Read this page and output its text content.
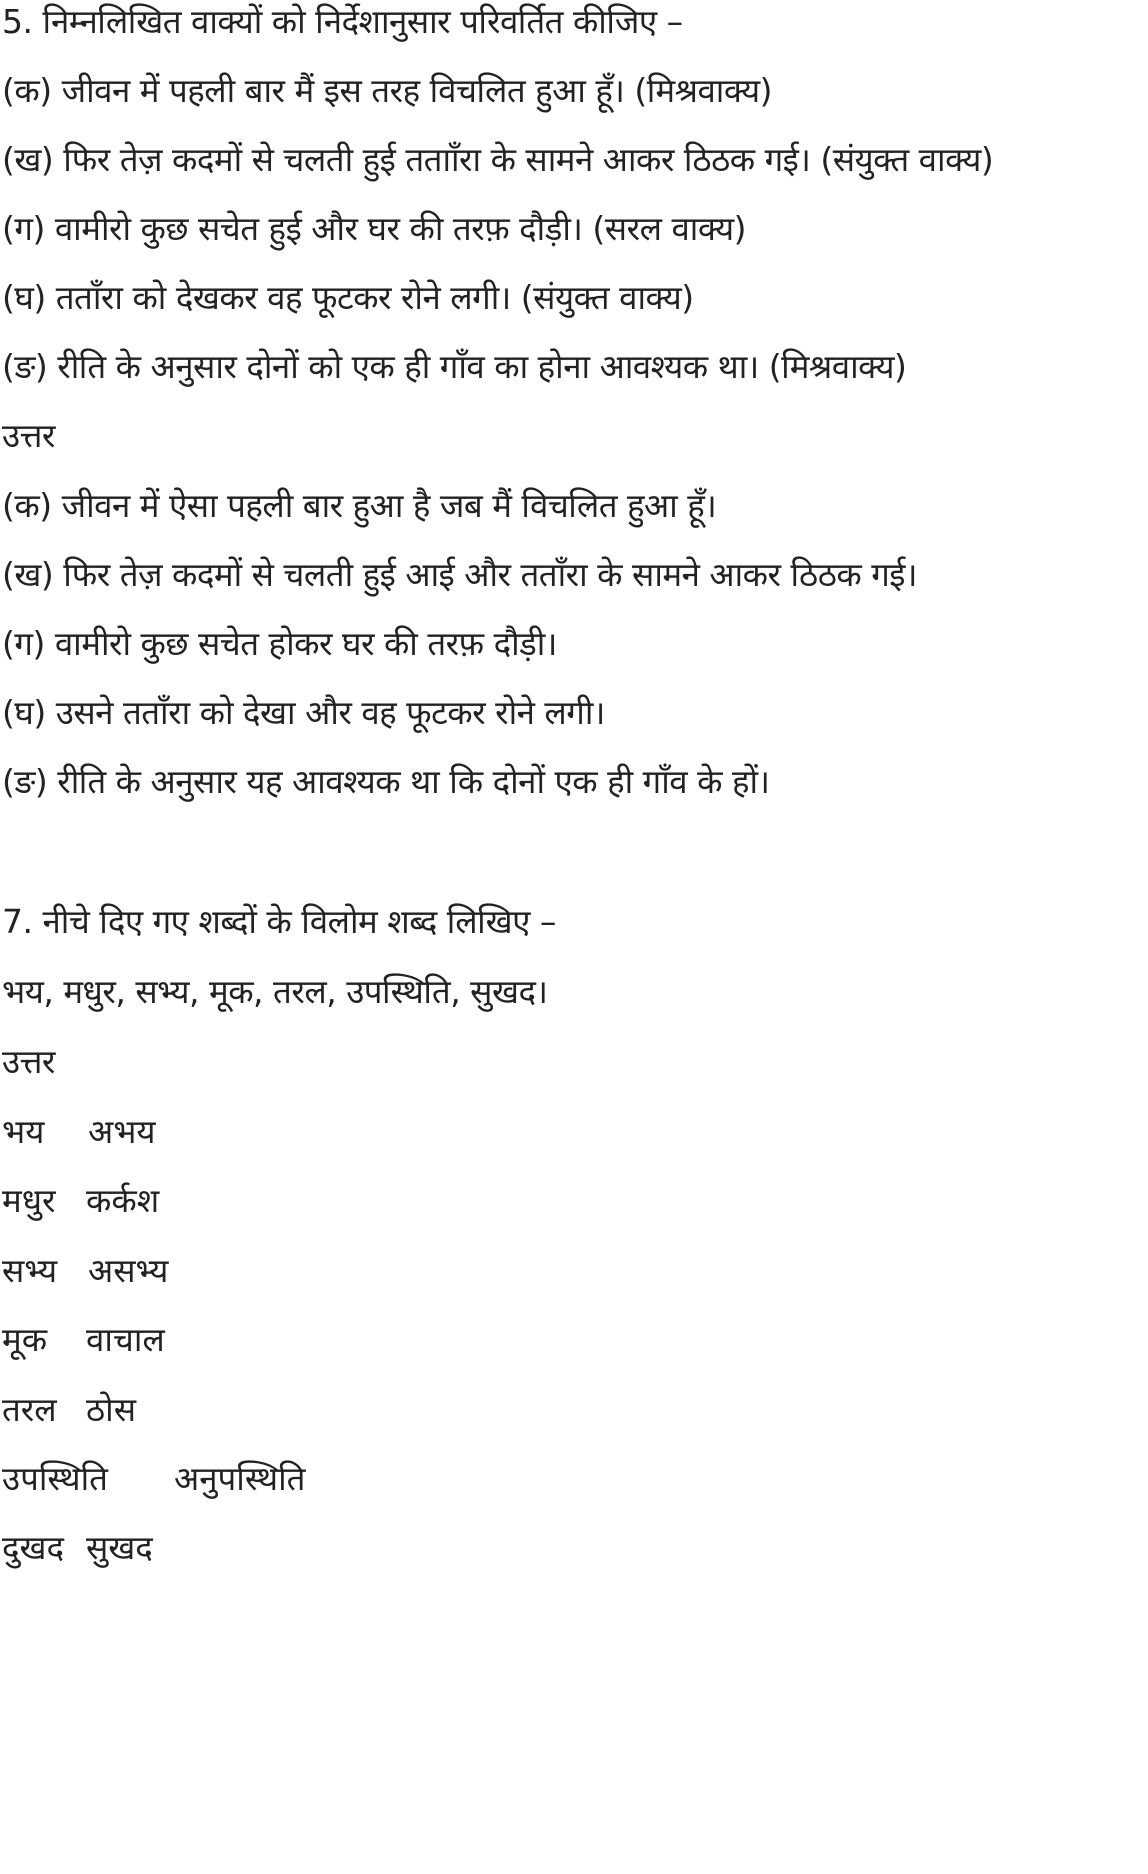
5. निम्नलिखित वाक्यों को निर्देशानुसार परिवर्तित कीजिए –
(क) जीवन में पहली बार मैं इस तरह विचलित हुआ हूँ। (मिश्रवाक्य)
(ख) फिर तेज़ कदमों से चलती हुई ततााँरा के सामने आकर ठिठक गई। (संयुक्त वाक्य)
(ग) वामीरो कुछ सचेत हुई और घर की तरफ़ दौड़ी। (सरल वाक्य)
(घ) तताँरा को देखकर वह फूटकर रोने लगी। (संयुक्त वाक्य)
(ङ) रीति के अनुसार दोनों को एक ही गाँव का होना आवश्यक था। (मिश्रवाक्य)
उत्तर
(क) जीवन में ऐसा पहली बार हुआ है जब मैं विचलित हुआ हूँ।
(ख) फिर तेज़ कदमों से चलती हुई आई और तताँरा के सामने आकर ठिठक गई।
(ग) वामीरो कुछ सचेत होकर घर की तरफ़ दौड़ी।
(घ) उसने तताँरा को देखा और वह फूटकर रोने लगी।
(ङ) रीति के अनुसार यह आवश्यक था कि दोनों एक ही गाँव के हों।
7. नीचे दिए गए शब्दों के विलोम शब्द लिखिए –
भय, मधुर, सभ्य, मूक, तरल, उपस्थिति, सुखद।
उत्तर
भय अभय
मधुर कर्कश
सभ्य असभ्य
मूक वाचाल
तरल ठोस
उपस्थिति अनुपस्थिति
दुखद सुखद
